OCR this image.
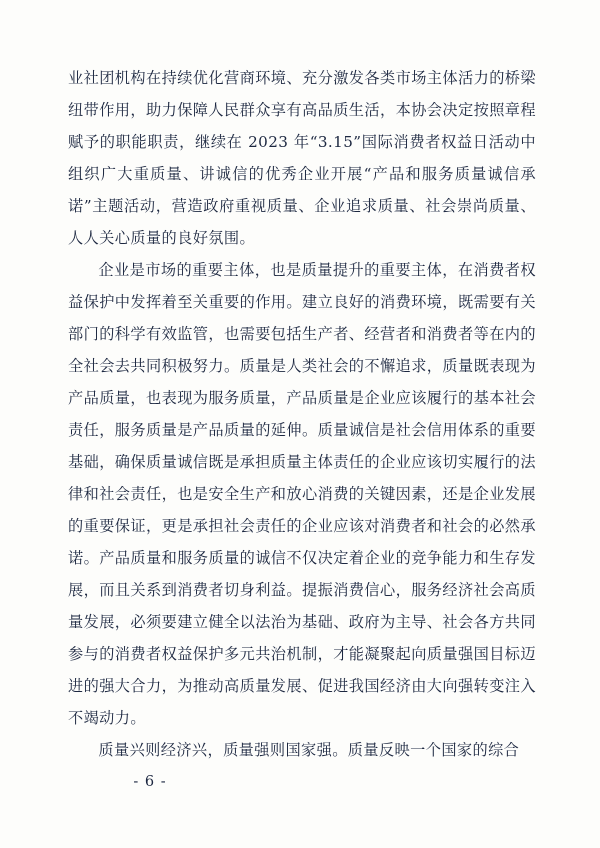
业社团机构在持续优化营商环境、充分激发各类市场主体活力的桥梁纽带作用，助力保障人民群众享有高品质生活，本协会决定按照章程赋予的职能职责，继续在 2023 年“3.15”国际消费者权益日活动中组织广大重质量、讲诚信的优秀企业开展“产品和服务质量诚信承诺”主题活动，营造政府重视质量、企业追求质量、社会崇尚质量、人人关心质量的良好氛围。

企业是市场的重要主体，也是质量提升的重要主体，在消费者权益保护中发挥着至关重要的作用。建立良好的消费环境，既需要有关部门的科学有效监管，也需要包括生产者、经营者和消费者等在内的全社会去共同积极努力。质量是人类社会的不懈追求，质量既表现为产品质量，也表现为服务质量，产品质量是企业应该履行的基本社会责任，服务质量是产品质量的延伸。质量诚信是社会信用体系的重要基础，确保质量诚信既是承担质量主体责任的企业应该切实履行的法律和社会责任，也是安全生产和放心消费的关键因素，还是企业发展的重要保证，更是承担社会责任的企业应该对消费者和社会的必然承诺。产品质量和服务质量的诚信不仅决定着企业的竞争能力和生存发展，而且关系到消费者切身利益。提振消费信心，服务经济社会高质量发展，必须要建立健全以法治为基础、政府为主导、社会各方共同参与的消费者权益保护多元共治机制，才能凝聚起向质量强国目标迈进的强大合力，为推动高质量发展、促进我国经济由大向强转变注入不竭动力。

质量兴则经济兴，质量强则国家强。质量反映一个国家的综合

- 6 -
